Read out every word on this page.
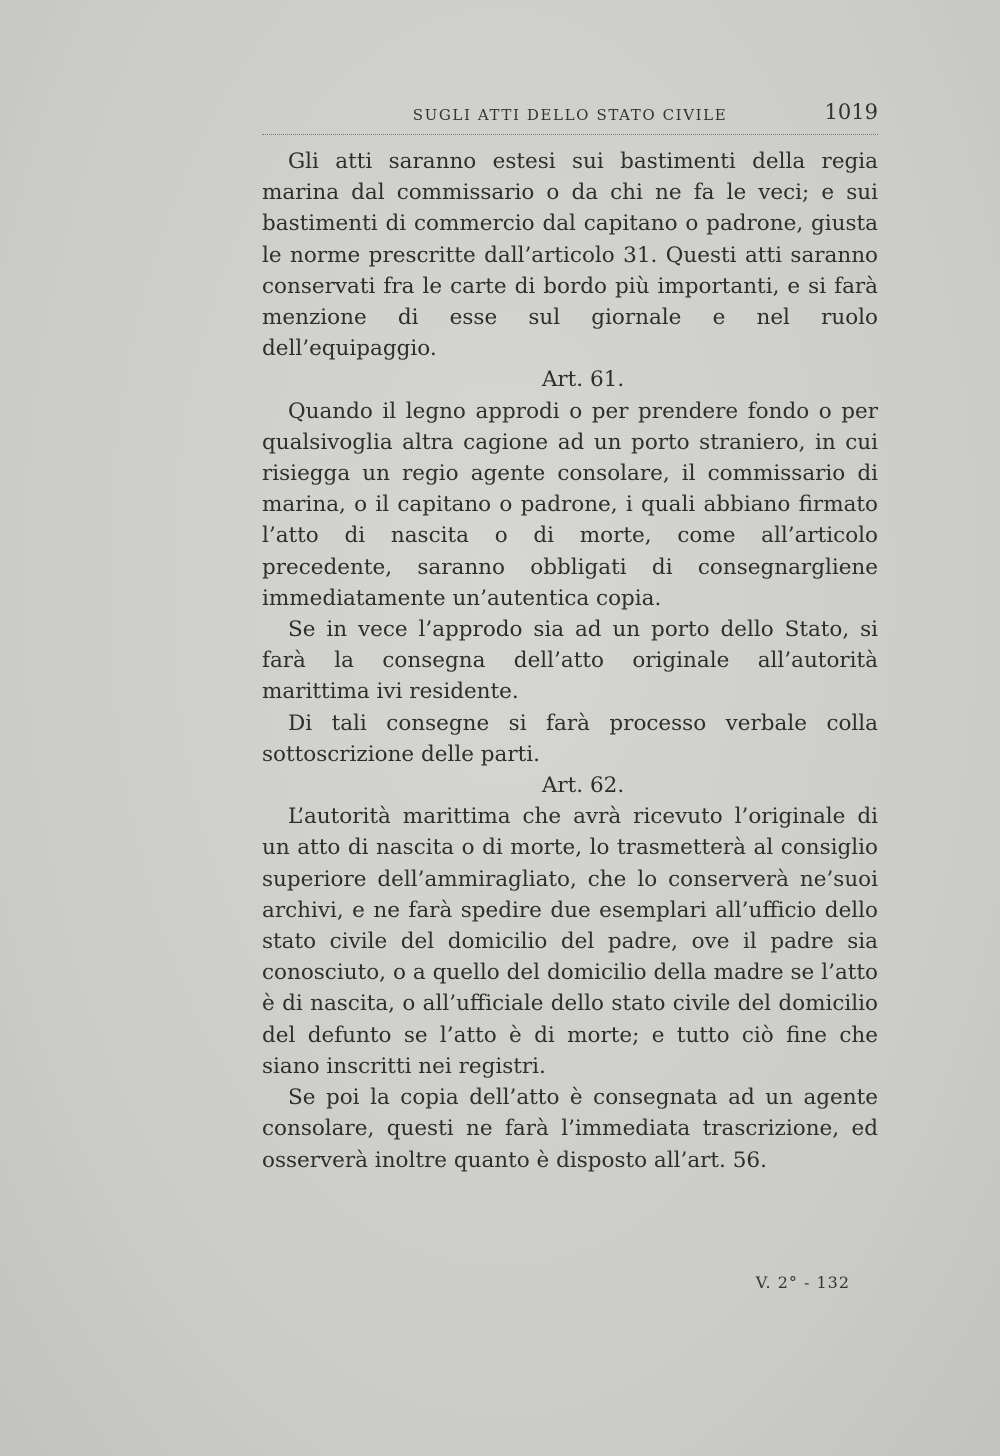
SUGLI ATTI DELLO STATO CIVILE	1019

Gli atti saranno estesi sui bastimenti della regia marina dal commissario o da chi ne fa le veci; e sui bastimenti di commercio dal capitano o padrone, giusta le norme prescritte dall’articolo 31. Questi atti saranno conservati fra le carte di bordo più importanti, e si farà menzione di esse sul giornale e nel ruolo dell’equipaggio.

Art. 61.

Quando il legno approdi o per prendere fondo o per qualsivoglia altra cagione ad un porto straniero, in cui risiegga un regio agente consolare, il commissario di marina, o il capitano o padrone, i quali abbiano firmato l’atto di nascita o di morte, come all’articolo precedente, saranno obbligati di consegnargliene immediatamente un’autentica copia.

Se in vece l’approdo sia ad un porto dello Stato, si farà la consegna dell’atto originale all’autorità marittima ivi residente.

Di tali consegne si farà processo verbale colla sottoscrizione delle parti.

Art. 62.

L’autorità marittima che avrà ricevuto l’originale di un atto di nascita o di morte, lo trasmetterà al consiglio superiore dell’ammiragliato, che lo conserverà ne’suoi archivi, e ne farà spedire due esemplari all’ufficio dello stato civile del domicilio del padre, ove il padre sia conosciuto, o a quello del domicilio della madre se l’atto è di nascita, o all’ufficiale dello stato civile del domicilio del defunto se l’atto è di morte; e tutto ciò fine che siano inscritti nei registri.

Se poi la copia dell’atto è consegnata ad un agente consolare, questi ne farà l’immediata trascrizione, ed osserverà inoltre quanto è disposto all’art. 56.

V. 2° - 132
